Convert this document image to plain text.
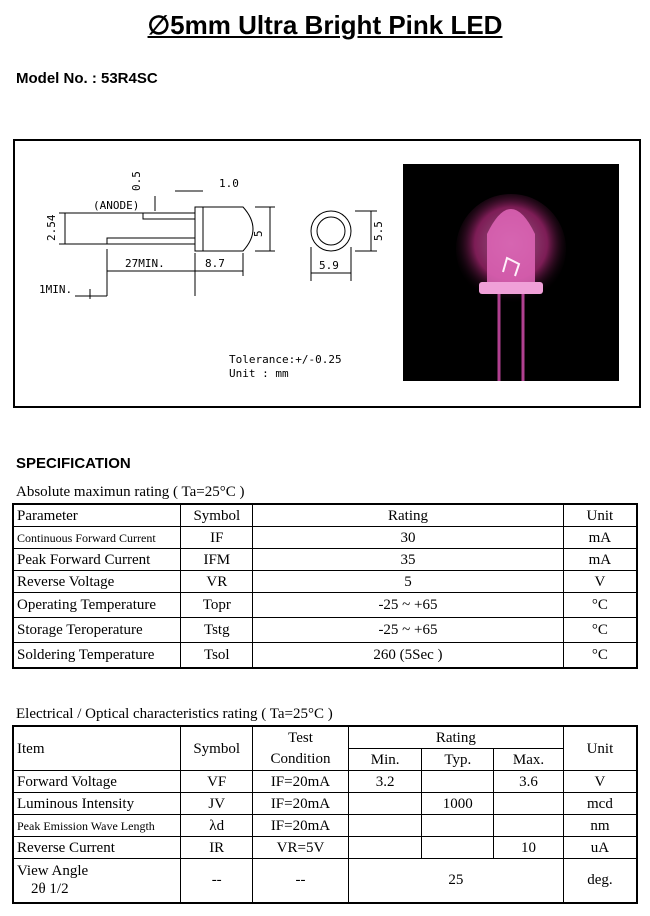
∅5mm Ultra Bright Pink LED
Model No. : 53R4SC
(ANODE)
0.5	1.0
2.54
27MIN.	8.7
5
1MIN.
5.5
5.9
Tolerance:+/-0.25
Unit : mm
SPECIFICATION
Absolute maximun rating ( Ta=25°C )
Parameter	Symbol	Rating	Unit
Continuous Forward Current	IF	30	mA
Peak Forward Current	IFM	35	mA
Reverse Voltage	VR	5	V
Operating Temperature	Topr	-25 ~ +65	°C
Storage Teroperature	Tstg	-25 ~ +65	°C
Soldering Temperature	Tsol	260 (5Sec )	°C
Electrical / Optical characteristics rating ( Ta=25°C )
Item	Symbol	Test	Rating			Unit
		Condition	Min.	Typ.	Max.	
Forward Voltage	VF	IF=20mA	3.2		3.6	V
Luminous Intensity	JV	IF=20mA		1000		mcd
Peak Emission Wave Length	λd	IF=20mA				nm
Reverse Current	IR	VR=5V			10	uA

View Angle
2θ 1/2	--	--	25			deg.
